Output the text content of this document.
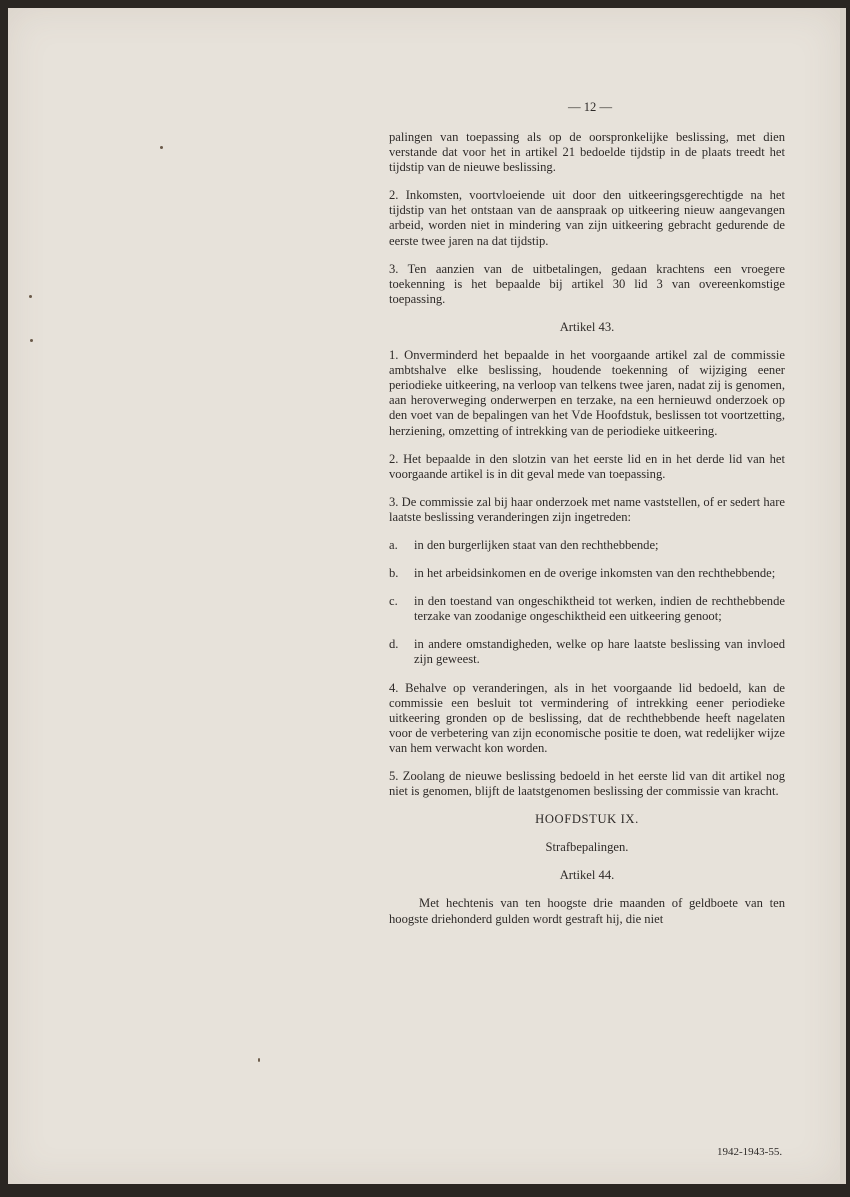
— 12 —

palingen van toepassing als op de oorspronkelijke beslissing, met dien verstande dat voor het in artikel 21 bedoelde tijdstip in de plaats treedt het tijdstip van de nieuwe beslissing.

2. Inkomsten, voortvloeiende uit door den uitkeeringsgerechtigde na het tijdstip van het ontstaan van de aanspraak op uitkeering nieuw aangevangen arbeid, worden niet in mindering van zijn uitkeering gebracht gedurende de eerste twee jaren na dat tijdstip.

3. Ten aanzien van de uitbetalingen, gedaan krachtens een vroegere toekenning is het bepaalde bij artikel 30 lid 3 van overeenkomstige toepassing.

Artikel 43.

1. Onverminderd het bepaalde in het voorgaande artikel zal de commissie ambtshalve elke beslissing, houdende toekenning of wijziging eener periodieke uitkeering, na verloop van telkens twee jaren, nadat zij is genomen, aan heroverweging onderwerpen en terzake, na een hernieuwd onderzoek op den voet van de bepalingen van het Vde Hoofdstuk, beslissen tot voortzetting, herziening, omzetting of intrekking van de periodieke uitkeering.

2. Het bepaalde in den slotzin van het eerste lid en in het derde lid van het voorgaande artikel is in dit geval mede van toepassing.

3. De commissie zal bij haar onderzoek met name vaststellen, of er sedert hare laatste beslissing veranderingen zijn ingetreden:

a.	in den burgerlijken staat van den rechthebbende;
b.	in het arbeidsinkomen en de overige inkomsten van den rechthebbende;
c.	in den toestand van ongeschiktheid tot werken, indien de rechthebbende terzake van zoodanige ongeschiktheid een uitkeering genoot;
d.	in andere omstandigheden, welke op hare laatste beslissing van invloed zijn geweest.

4. Behalve op veranderingen, als in het voorgaande lid bedoeld, kan de commissie een besluit tot vermindering of intrekking eener periodieke uitkeering gronden op de beslissing, dat de rechthebbende heeft nagelaten voor de verbetering van zijn economische positie te doen, wat redelijker wijze van hem verwacht kon worden.

5. Zoolang de nieuwe beslissing bedoeld in het eerste lid van dit artikel nog niet is genomen, blijft de laatstgenomen beslissing der commissie van kracht.

HOOFDSTUK IX.
Strafbepalingen.
Artikel 44.

Met hechtenis van ten hoogste drie maanden of geldboete van ten hoogste driehonderd gulden wordt gestraft hij, die niet

1942-1943-55.
